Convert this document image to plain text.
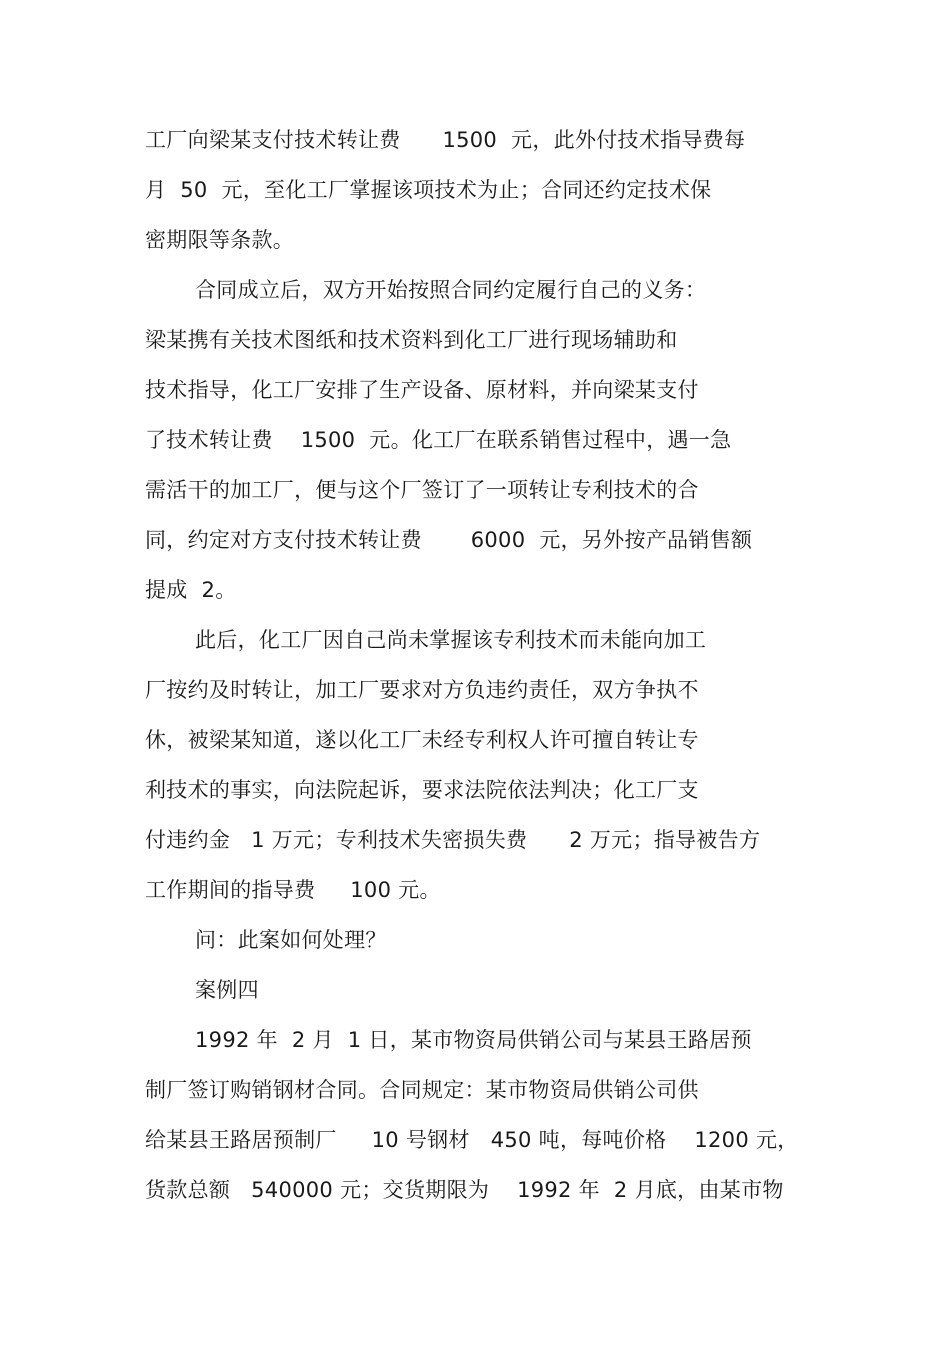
工厂向梁某支付技术转让费      1500  元，此外付技术指导费每
月  50  元，至化工厂掌握该项技术为止；合同还约定技术保
密期限等条款。
合同成立后，双方开始按照合同约定履行自己的义务：
梁某携有关技术图纸和技术资料到化工厂进行现场辅助和
技术指导，化工厂安排了生产设备、原材料，并向梁某支付
了技术转让费    1500  元。化工厂在联系销售过程中，遇一急
需活干的加工厂，便与这个厂签订了一项转让专利技术的合
同，约定对方支付技术转让费       6000  元，另外按产品销售额
提成  2。
此后，化工厂因自己尚未掌握该专利技术而未能向加工
厂按约及时转让，加工厂要求对方负违约责任，双方争执不
休，被梁某知道，遂以化工厂未经专利权人许可擅自转让专
利技术的事实，向法院起诉，要求法院依法判决；化工厂支
付违约金   1 万元；专利技术失密损失费      2 万元；指导被告方
工作期间的指导费     100 元。
问：此案如何处理？
案例四
1992 年  2 月  1 日，某市物资局供销公司与某县王路居预
制厂签订购销钢材合同。合同规定：某市物资局供销公司供
给某县王路居预制厂     10 号钢材   450 吨，每吨价格    1200 元，
货款总额   540000 元；交货期限为    1992 年  2 月底，由某市物
